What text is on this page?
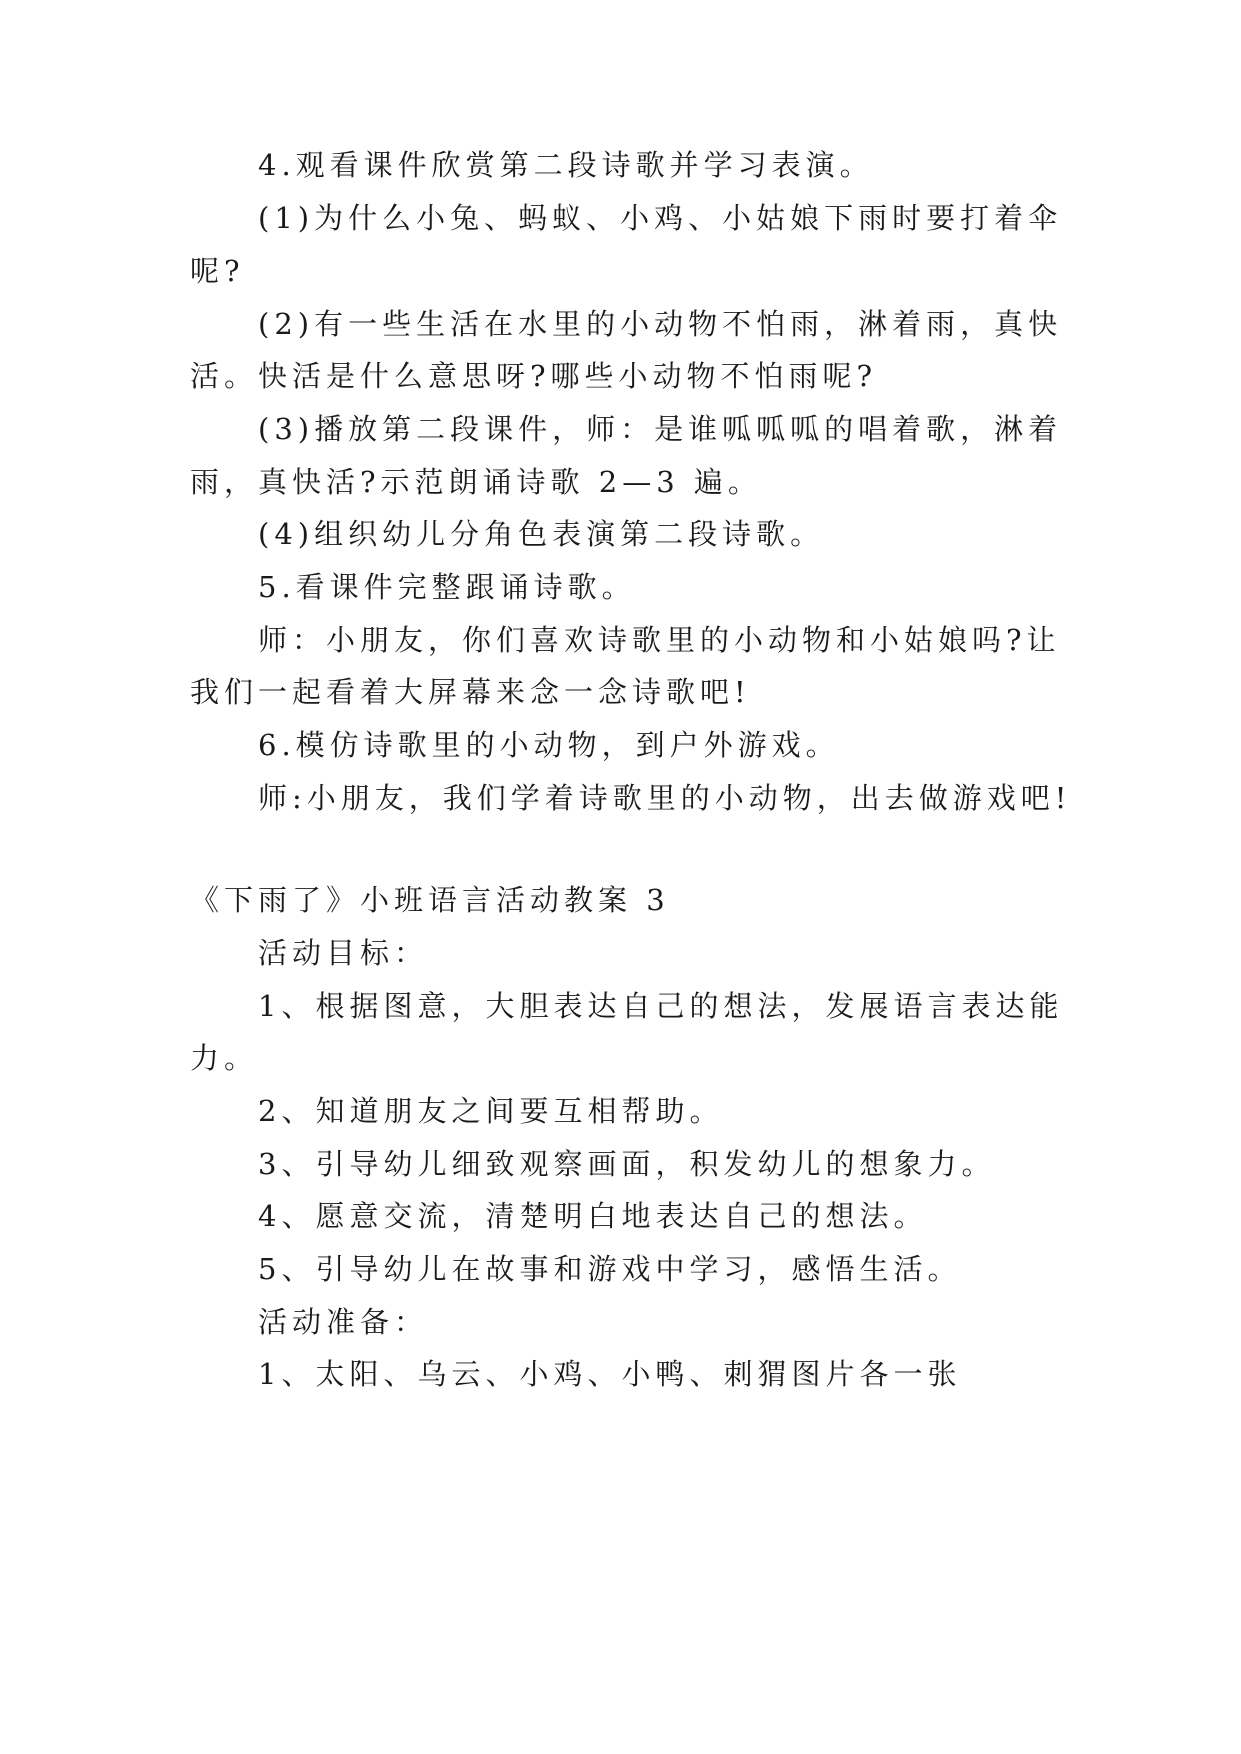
4.观看课件欣赏第二段诗歌并学习表演。
(1)为什么小兔、蚂蚁、小鸡、小姑娘下雨时要打着伞
呢?
(2)有一些生活在水里的小动物不怕雨，淋着雨，真快
活。快活是什么意思呀?哪些小动物不怕雨呢?
(3)播放第二段课件，师：是谁呱呱呱的唱着歌，淋着
雨，真快活?示范朗诵诗歌 2—3 遍。
(4)组织幼儿分角色表演第二段诗歌。
5.看课件完整跟诵诗歌。
师：小朋友，你们喜欢诗歌里的小动物和小姑娘吗?让
我们一起看着大屏幕来念一念诗歌吧!
6.模仿诗歌里的小动物，到户外游戏。
师:小朋友，我们学着诗歌里的小动物，出去做游戏吧!
《下雨了》小班语言活动教案 3
活动目标：
1、根据图意，大胆表达自己的想法，发展语言表达能
力。
2、知道朋友之间要互相帮助。
3、引导幼儿细致观察画面，积发幼儿的想象力。
4、愿意交流，清楚明白地表达自己的想法。
5、引导幼儿在故事和游戏中学习，感悟生活。
活动准备：
1、太阳、乌云、小鸡、小鸭、刺猬图片各一张
